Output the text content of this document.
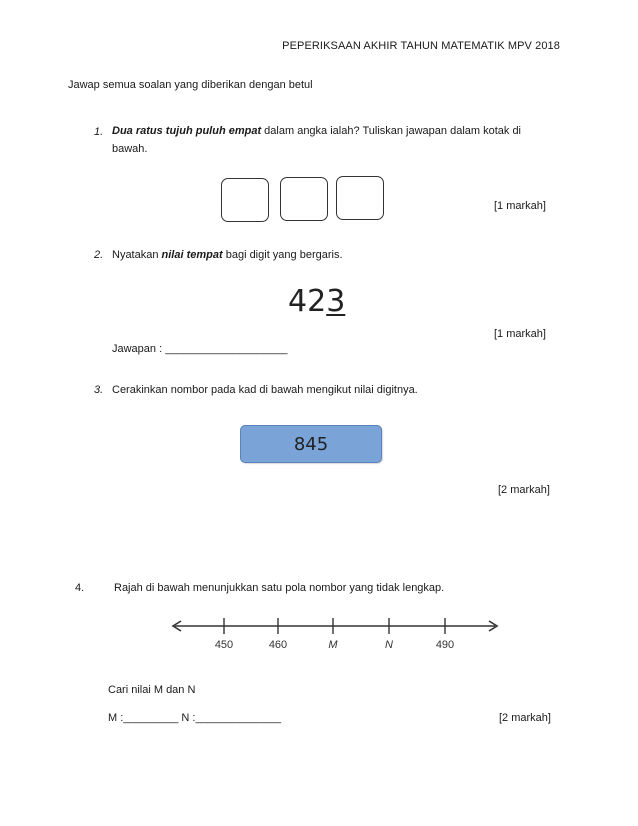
PEPERIKSAAN AKHIR TAHUN MATEMATIK MPV 2018
Jawap semua soalan yang diberikan dengan betul
1. Dua ratus tujuh puluh empat dalam angka ialah? Tuliskan jawapan dalam kotak di
bawah.
[1 markah]
2. Nyatakan nilai tempat bagi digit yang bergaris.
423
[1 markah]
Jawapan : ____________________
3. Cerakinkan nombor pada kad di bawah mengikut nilai digitnya.
845
[2 markah]
4.	Rajah di bawah menunjukkan satu pola nombor yang tidak lengkap.
450	460	M	N	490
Cari nilai M dan N
M :_________ N :______________	[2 markah]
